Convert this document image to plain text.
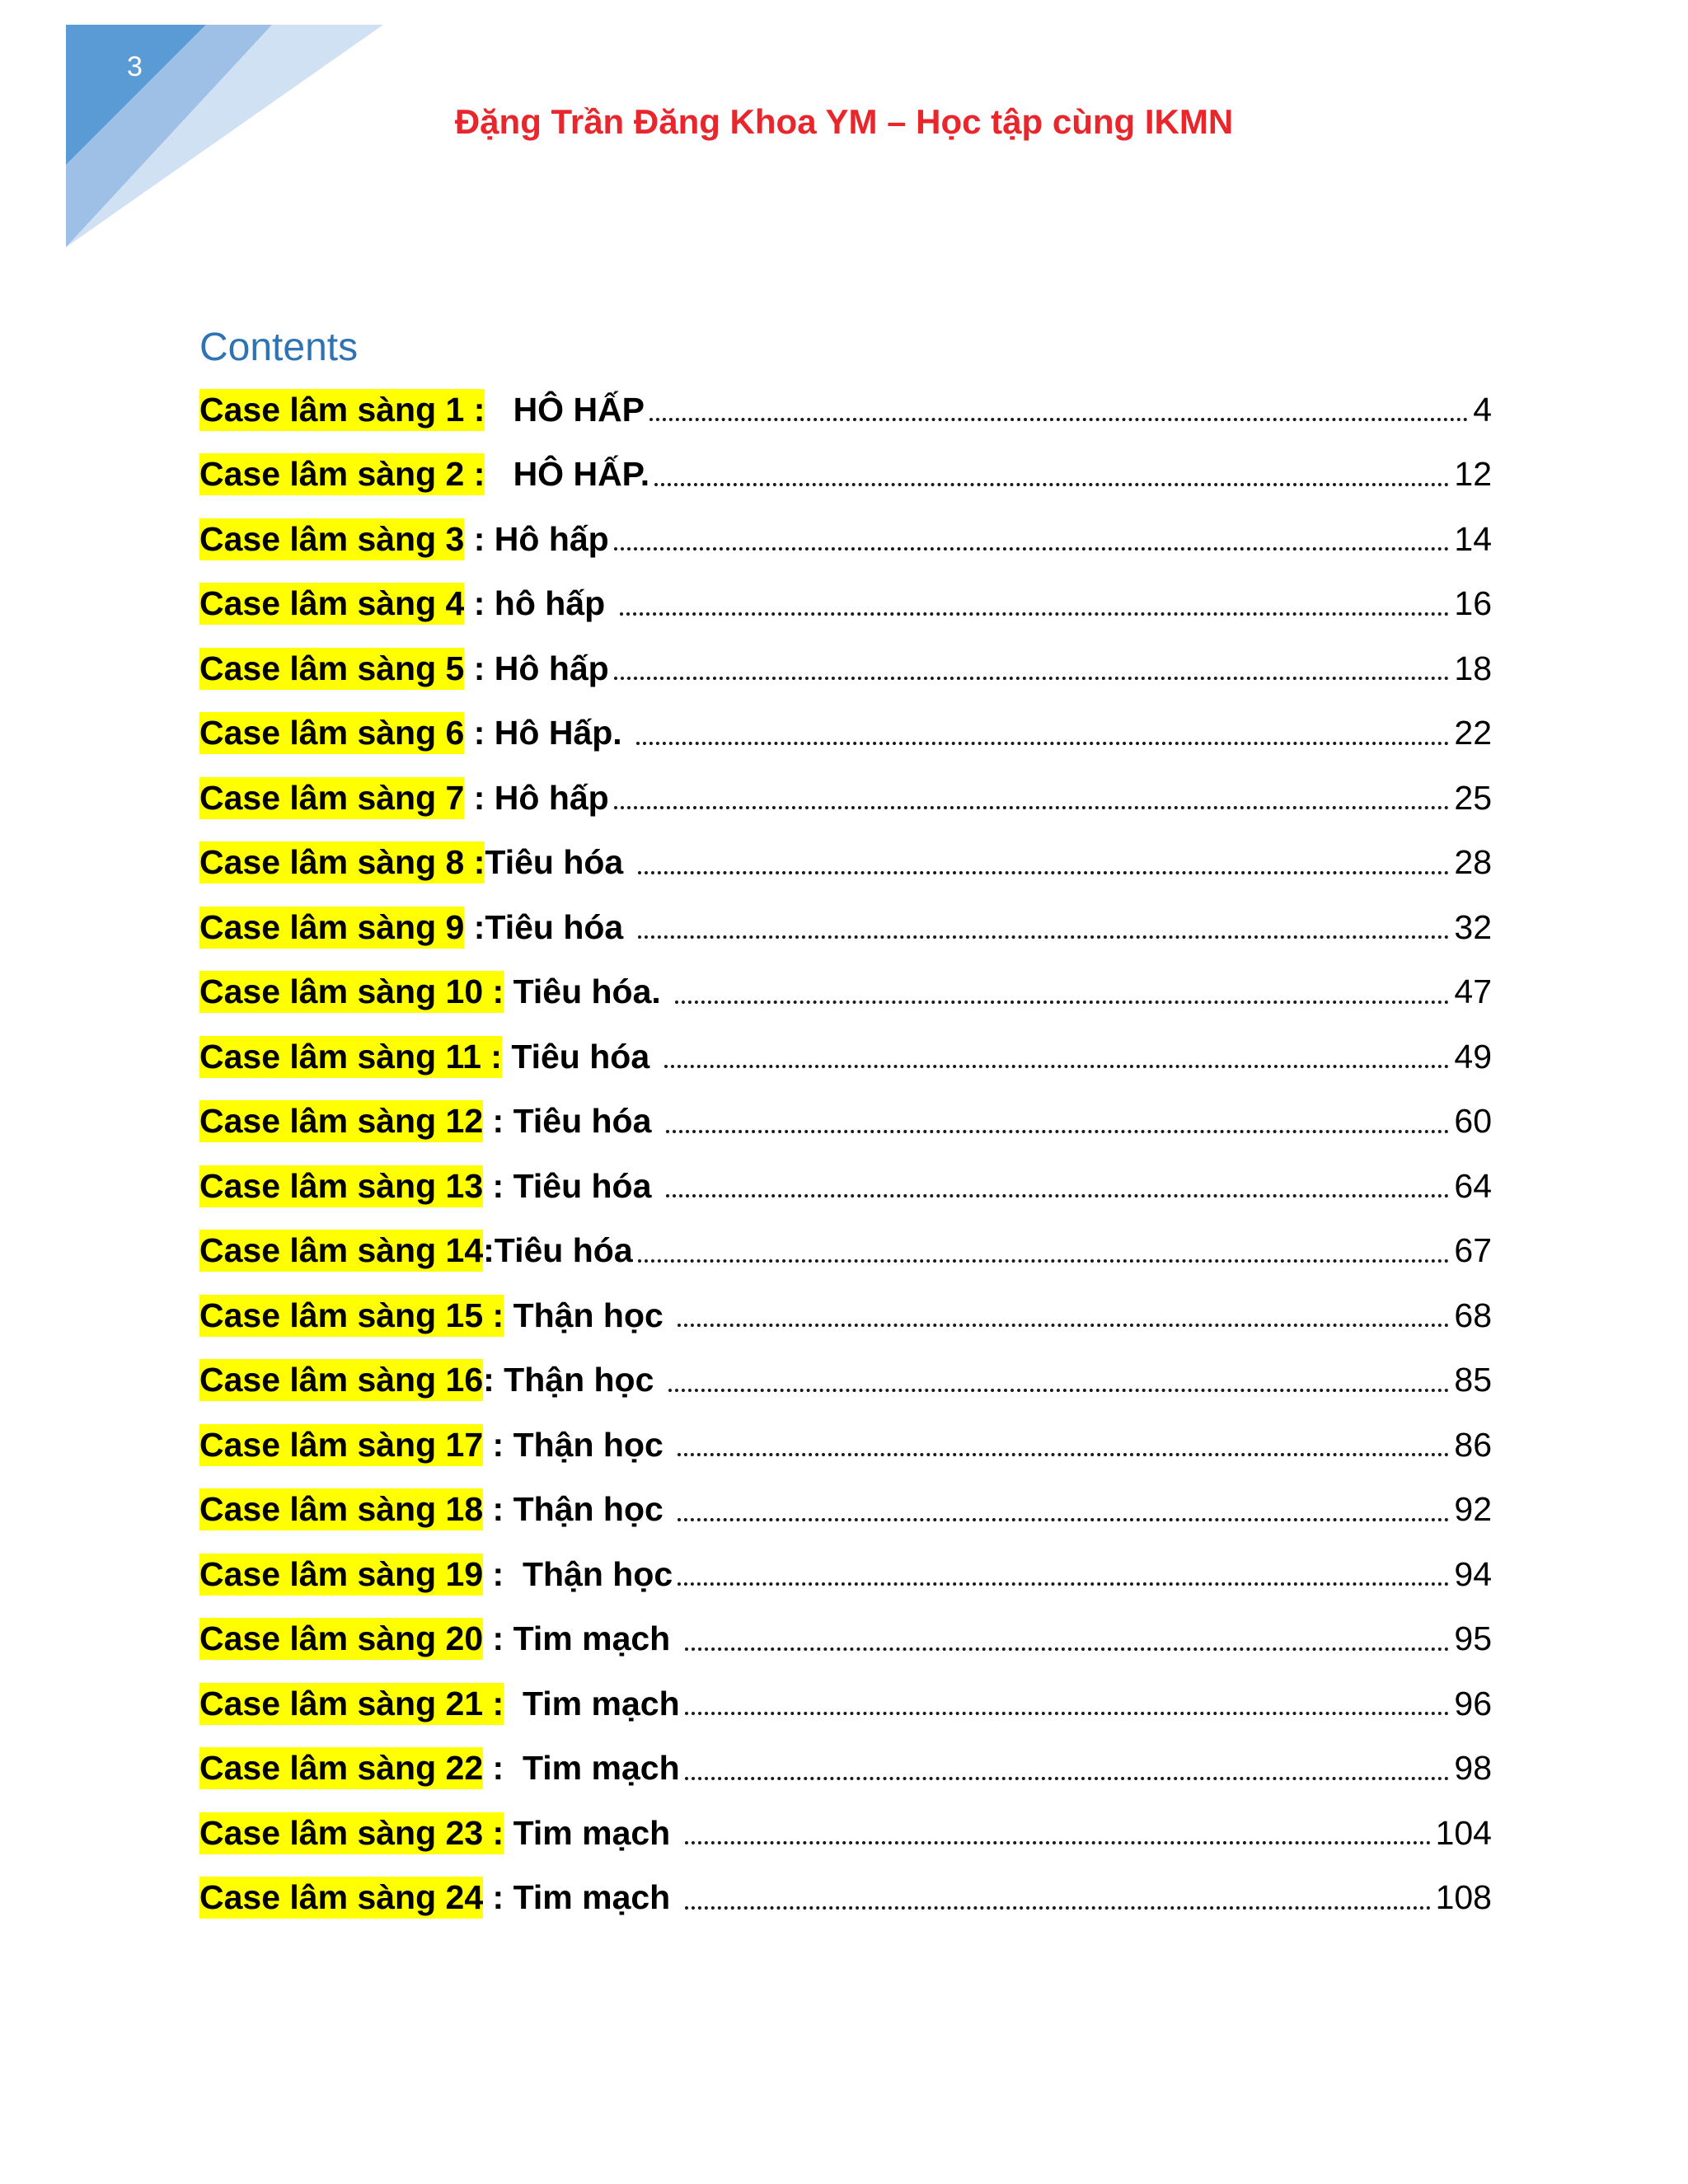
3
Đặng Trần Đăng Khoa YM – Học tập cùng IKMN
Contents
Case lâm sàng 1 : HÔ HẤP	4
Case lâm sàng 2 : HÔ HẤP.	12
Case lâm sàng 3 : Hô hấp	14
Case lâm sàng 4 : hô hấp	16
Case lâm sàng 5 : Hô hấp	18
Case lâm sàng 6 : Hô Hấp.	22
Case lâm sàng 7 : Hô hấp	25
Case lâm sàng 8 : Tiêu hóa	28
Case lâm sàng 9 :Tiêu hóa	32
Case lâm sàng 10 : Tiêu hóa.	47
Case lâm sàng 11 : Tiêu hóa	49
Case lâm sàng 12 : Tiêu hóa	60
Case lâm sàng 13 : Tiêu hóa	64
Case lâm sàng 14 :Tiêu hóa	67
Case lâm sàng 15 : Thận học	68
Case lâm sàng 16 : Thận học	85
Case lâm sàng 17 : Thận học	86
Case lâm sàng 18 : Thận học	92
Case lâm sàng 19 :  Thận học	94
Case lâm sàng 20 : Tim mạch	95
Case lâm sàng 21 : Tim mạch	96
Case lâm sàng 22 :  Tim mạch	98
Case lâm sàng 23 : Tim mạch	104
Case lâm sàng 24 : Tim mạch	108
